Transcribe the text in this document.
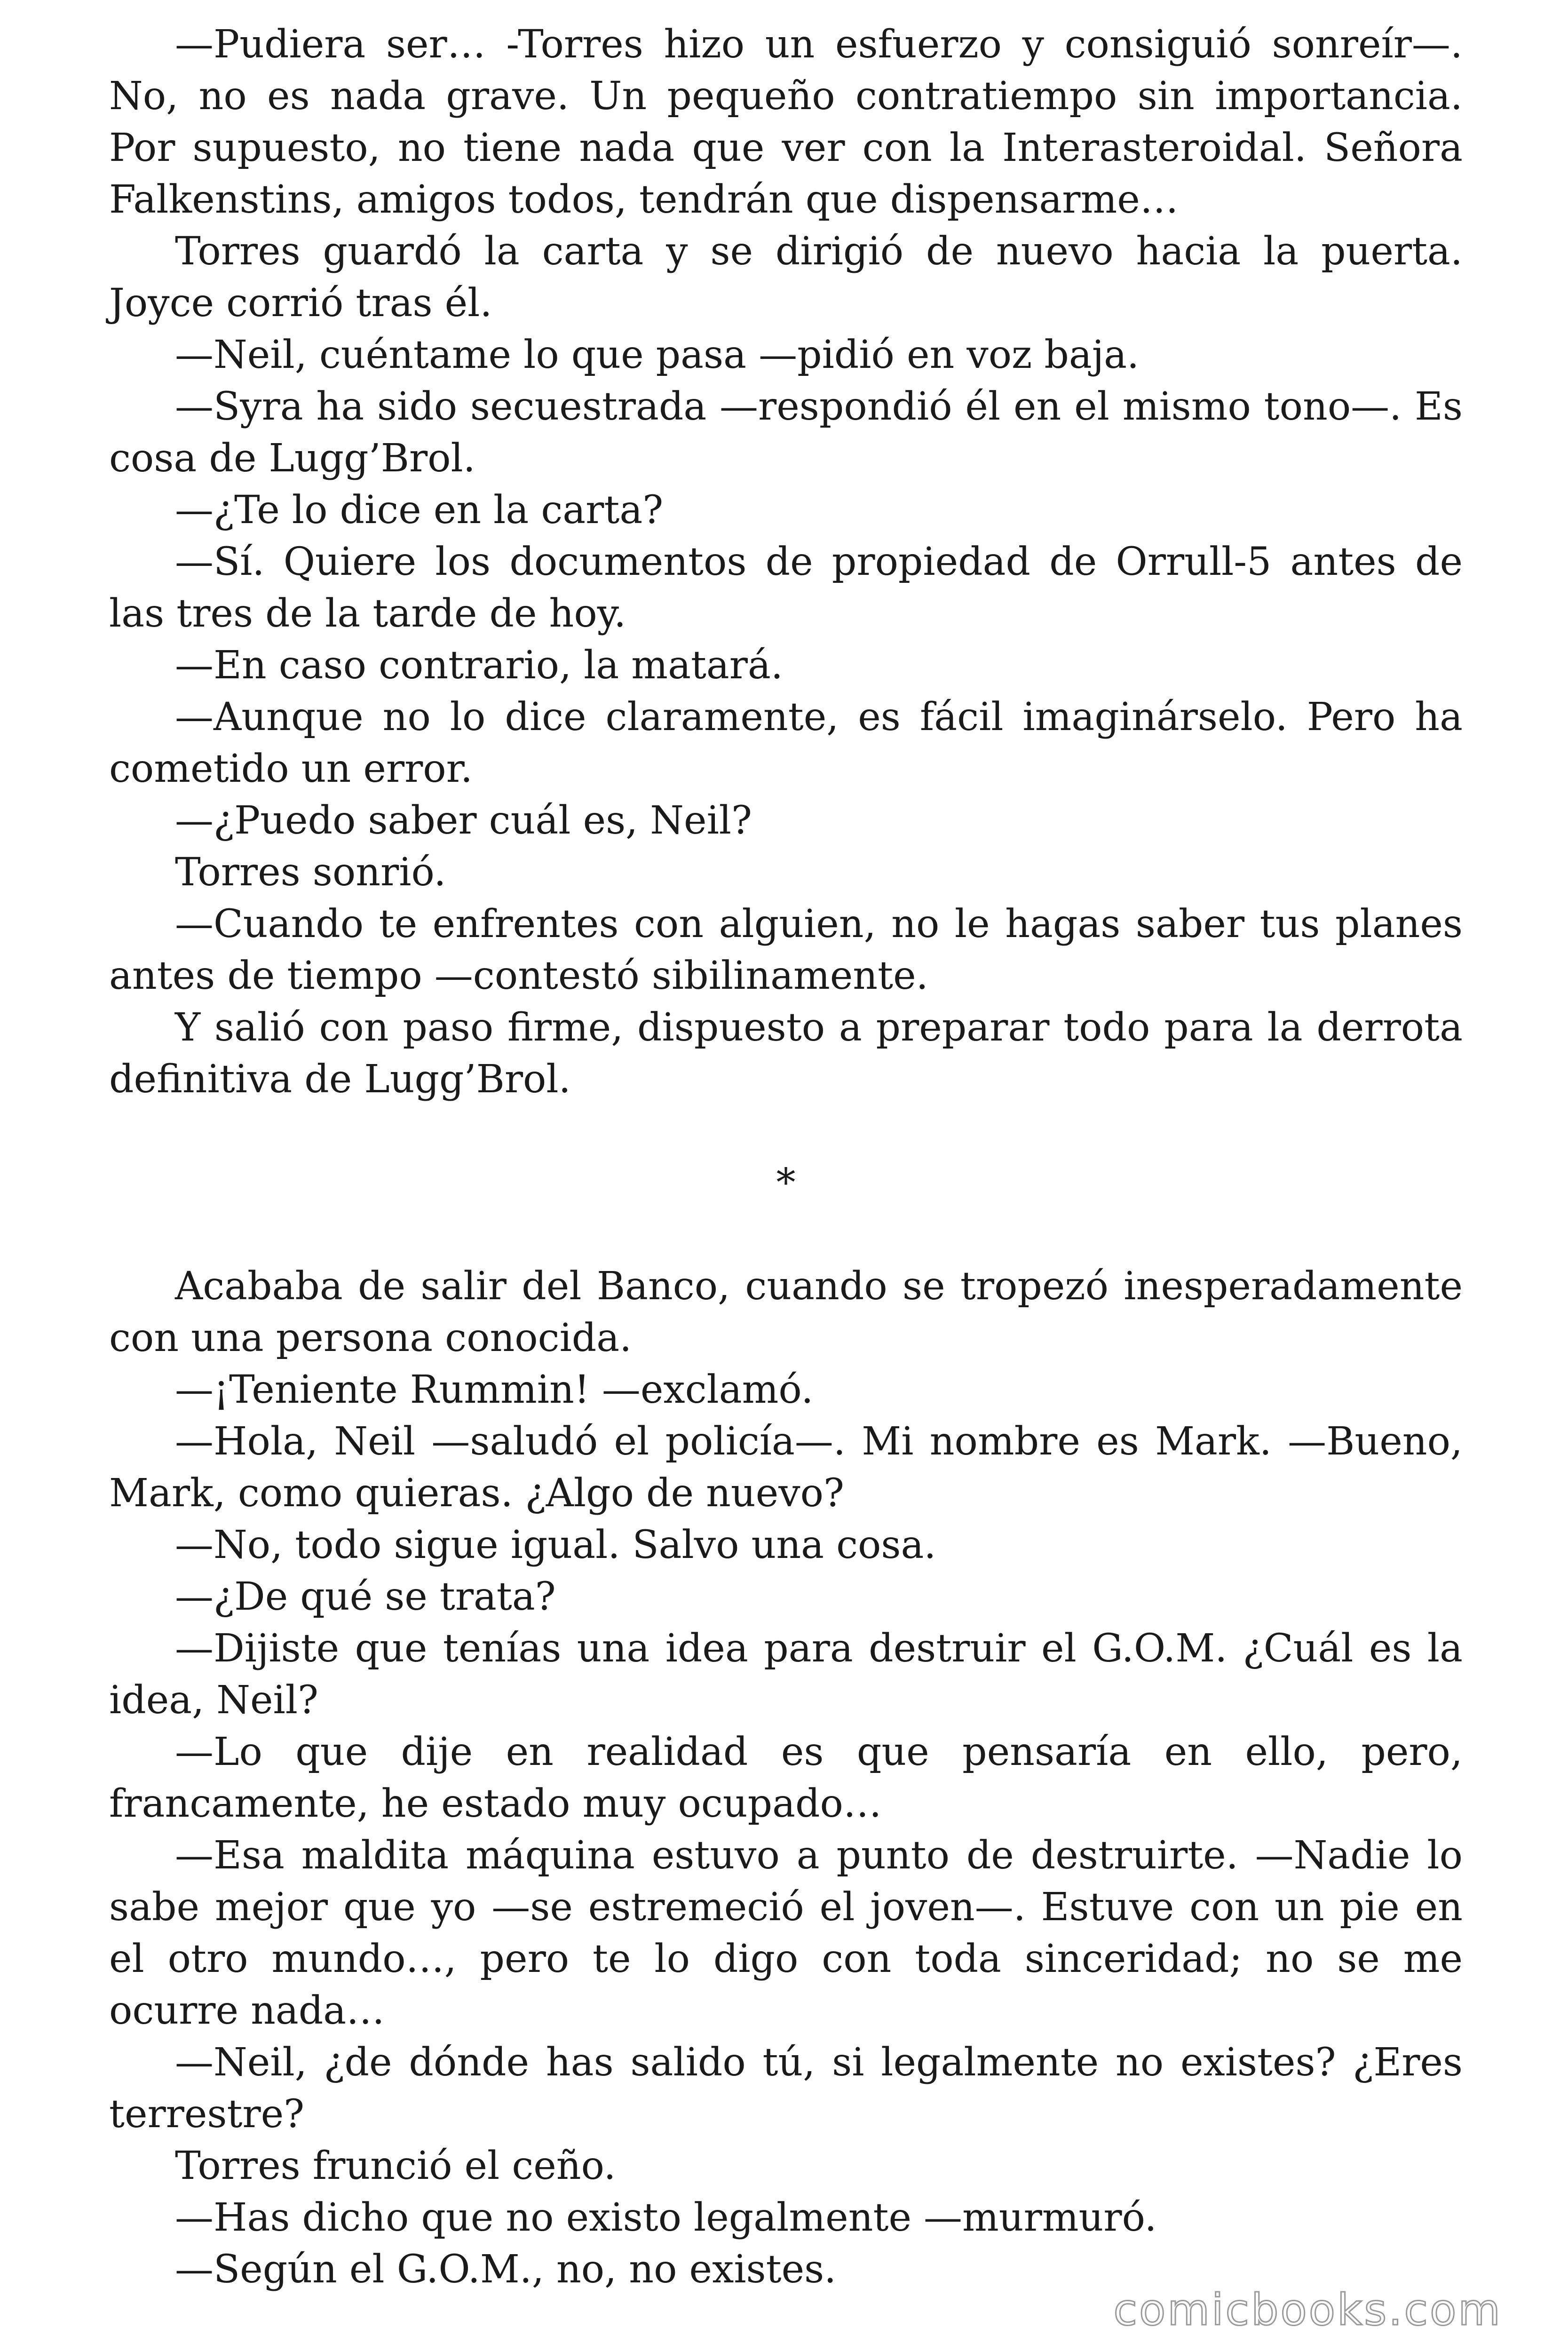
—Pudiera ser… -Torres hizo un esfuerzo y consiguió sonreír—. No, no es nada grave. Un pequeño contratiempo sin importancia. Por supuesto, no tiene nada que ver con la Interasteroidal. Señora Falkenstins, amigos todos, tendrán que dispensarme…

Torres guardó la carta y se dirigió de nuevo hacia la puerta. Joyce corrió tras él.

—Neil, cuéntame lo que pasa —pidió en voz baja.

—Syra ha sido secuestrada —respondió él en el mismo tono—. Es cosa de Lugg’Brol.

—¿Te lo dice en la carta?

—Sí. Quiere los documentos de propiedad de Orrull-5 antes de las tres de la tarde de hoy.

—En caso contrario, la matará.

—Aunque no lo dice claramente, es fácil imaginárselo. Pero ha cometido un error.

—¿Puedo saber cuál es, Neil?

Torres sonrió.

—Cuando te enfrentes con alguien, no le hagas saber tus planes antes de tiempo —contestó sibilinamente.

Y salió con paso firme, dispuesto a preparar todo para la derrota definitiva de Lugg’Brol.

*

Acababa de salir del Banco, cuando se tropezó inesperadamente con una persona conocida.

—¡Teniente Rummin! —exclamó.

—Hola, Neil —saludó el policía—. Mi nombre es Mark. —Bueno, Mark, como quieras. ¿Algo de nuevo?

—No, todo sigue igual. Salvo una cosa.

—¿De qué se trata?

—Dijiste que tenías una idea para destruir el G.O.M. ¿Cuál es la idea, Neil?

—Lo que dije en realidad es que pensaría en ello, pero, francamente, he estado muy ocupado…

—Esa maldita máquina estuvo a punto de destruirte. —Nadie lo sabe mejor que yo —se estremeció el joven—. Estuve con un pie en el otro mundo…, pero te lo digo con toda sinceridad; no se me ocurre nada…

—Neil, ¿de dónde has salido tú, si legalmente no existes? ¿Eres terrestre?

Torres frunció el ceño.

—Has dicho que no existo legalmente —murmuró.

—Según el G.O.M., no, no existes.

comicbooks.com
